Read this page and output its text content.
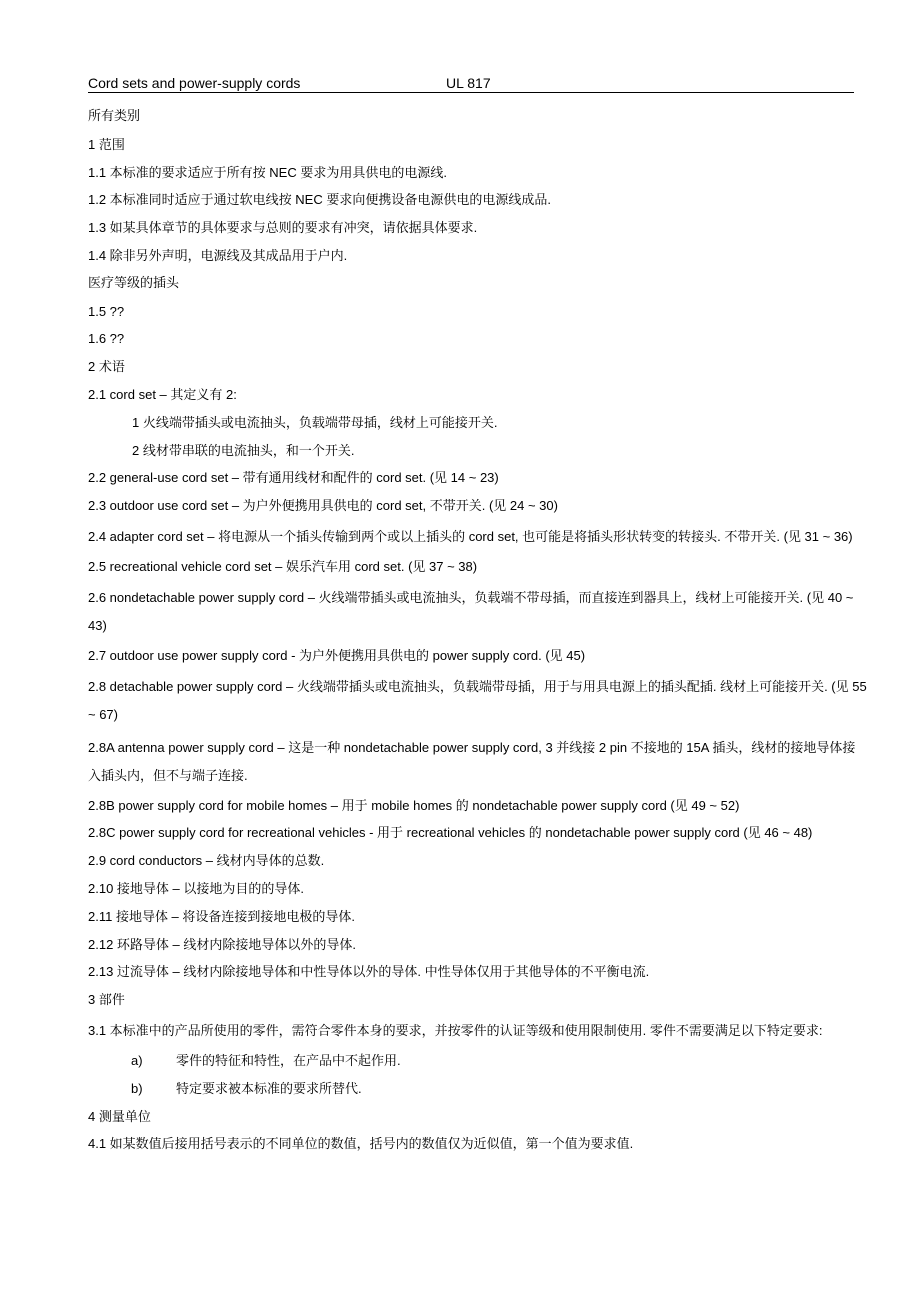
Cord sets and power-supply cords	UL 817
所有类别
1 范围
1.1 本标准的要求适应于所有按 NEC 要求为用具供电的电源线.
1.2 本标准同时适应于通过软电线按 NEC 要求向便携设备电源供电的电源线成品.
1.3 如某具体章节的具体要求与总则的要求有冲突，请依据具体要求.
1.4 除非另外声明，电源线及其成品用于户内.
医疗等级的插头
1.5 ??
1.6 ??
2 术语
2.1 cord set – 其定义有 2:
1 火线端带插头或电流抽头，负载端带母插，线材上可能接开关.
2 线材带串联的电流抽头，和一个开关.
2.2 general-use cord set – 带有通用线材和配件的 cord set. (见 14 ~ 23)
2.3 outdoor use cord set – 为户外便携用具供电的 cord set, 不带开关. (见 24 ~ 30)
2.4 adapter cord set – 将电源从一个插头传输到两个或以上插头的 cord set, 也可能是将插头形状转变的转接头. 不带开关. (见 31 ~ 36)
2.5 recreational vehicle cord set – 娱乐汽车用 cord set. (见 37 ~ 38)
2.6 nondetachable power supply cord – 火线端带插头或电流抽头，负载端不带母插，而直接连到器具上，线材上可能接开关. (见 40 ~ 43)
2.7 outdoor use power supply cord - 为户外便携用具供电的 power supply cord. (见 45)
2.8 detachable power supply cord – 火线端带插头或电流抽头，负载端带母插，用于与用具电源上的插头配插. 线材上可能接开关. (见 55 ~ 67)
2.8A antenna power supply cord – 这是一种 nondetachable power supply cord, 3 并线接 2 pin 不接地的 15A 插头，线材的接地导体接入插头内，但不与端子连接.
2.8B power supply cord for mobile homes – 用于 mobile homes 的 nondetachable power supply cord (见 49 ~ 52)
2.8C power supply cord for recreational vehicles - 用于 recreational vehicles 的 nondetachable power supply cord (见 46 ~ 48)
2.9 cord conductors – 线材内导体的总数.
2.10 接地导体 – 以接地为目的的导体.
2.11 接地导体 – 将设备连接到接地电极的导体.
2.12 环路导体 – 线材内除接地导体以外的导体.
2.13 过流导体 – 线材内除接地导体和中性导体以外的导体. 中性导体仅用于其他导体的不平衡电流.
3 部件
3.1 本标准中的产品所使用的零件，需符合零件本身的要求，并按零件的认证等级和使用限制使用. 零件不需要满足以下特定要求:
a)	零件的特征和特性，在产品中不起作用.
b)	特定要求被本标准的要求所替代.
4 测量单位
4.1 如某数值后接用括号表示的不同单位的数值，括号内的数值仅为近似值，第一个值为要求值.
